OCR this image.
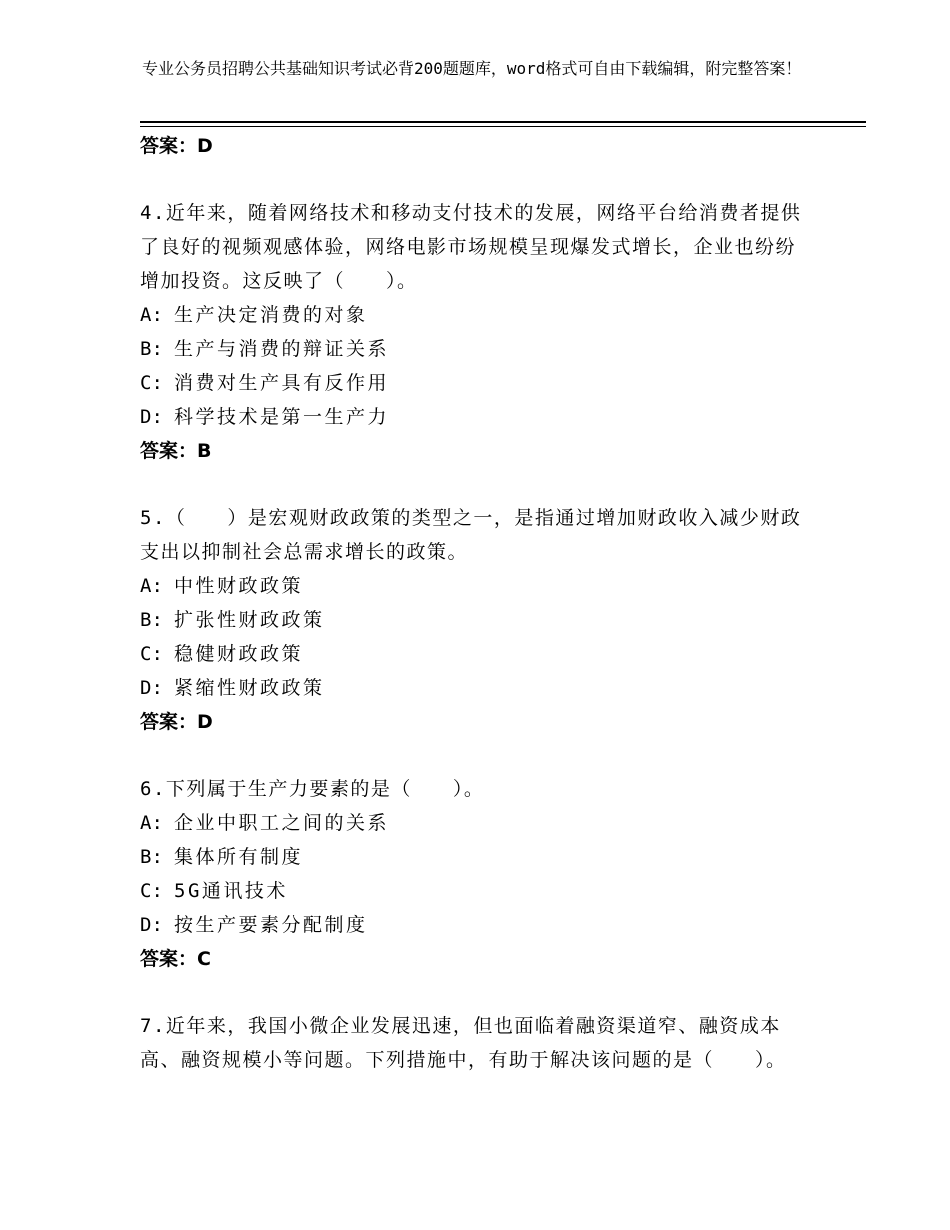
专业公务员招聘公共基础知识考试必背200题题库，word格式可自由下载编辑，附完整答案！
答案：D
4.近年来，随着网络技术和移动支付技术的发展，网络平台给消费者提供了良好的视频观感体验，网络电影市场规模呈现爆发式增长，企业也纷纷增加投资。这反映了（　　）。
A: 生产决定消费的对象
B: 生产与消费的辩证关系
C: 消费对生产具有反作用
D: 科学技术是第一生产力
答案：B
5.（　　）是宏观财政政策的类型之一，是指通过增加财政收入减少财政支出以抑制社会总需求增长的政策。
A: 中性财政政策
B: 扩张性财政政策
C: 稳健财政政策
D: 紧缩性财政政策
答案：D
6.下列属于生产力要素的是（　　）。
A: 企业中职工之间的关系
B: 集体所有制度
C: 5G通讯技术
D: 按生产要素分配制度
答案：C
7.近年来，我国小微企业发展迅速，但也面临着融资渠道窄、融资成本高、融资规模小等问题。下列措施中，有助于解决该问题的是（　　）。
